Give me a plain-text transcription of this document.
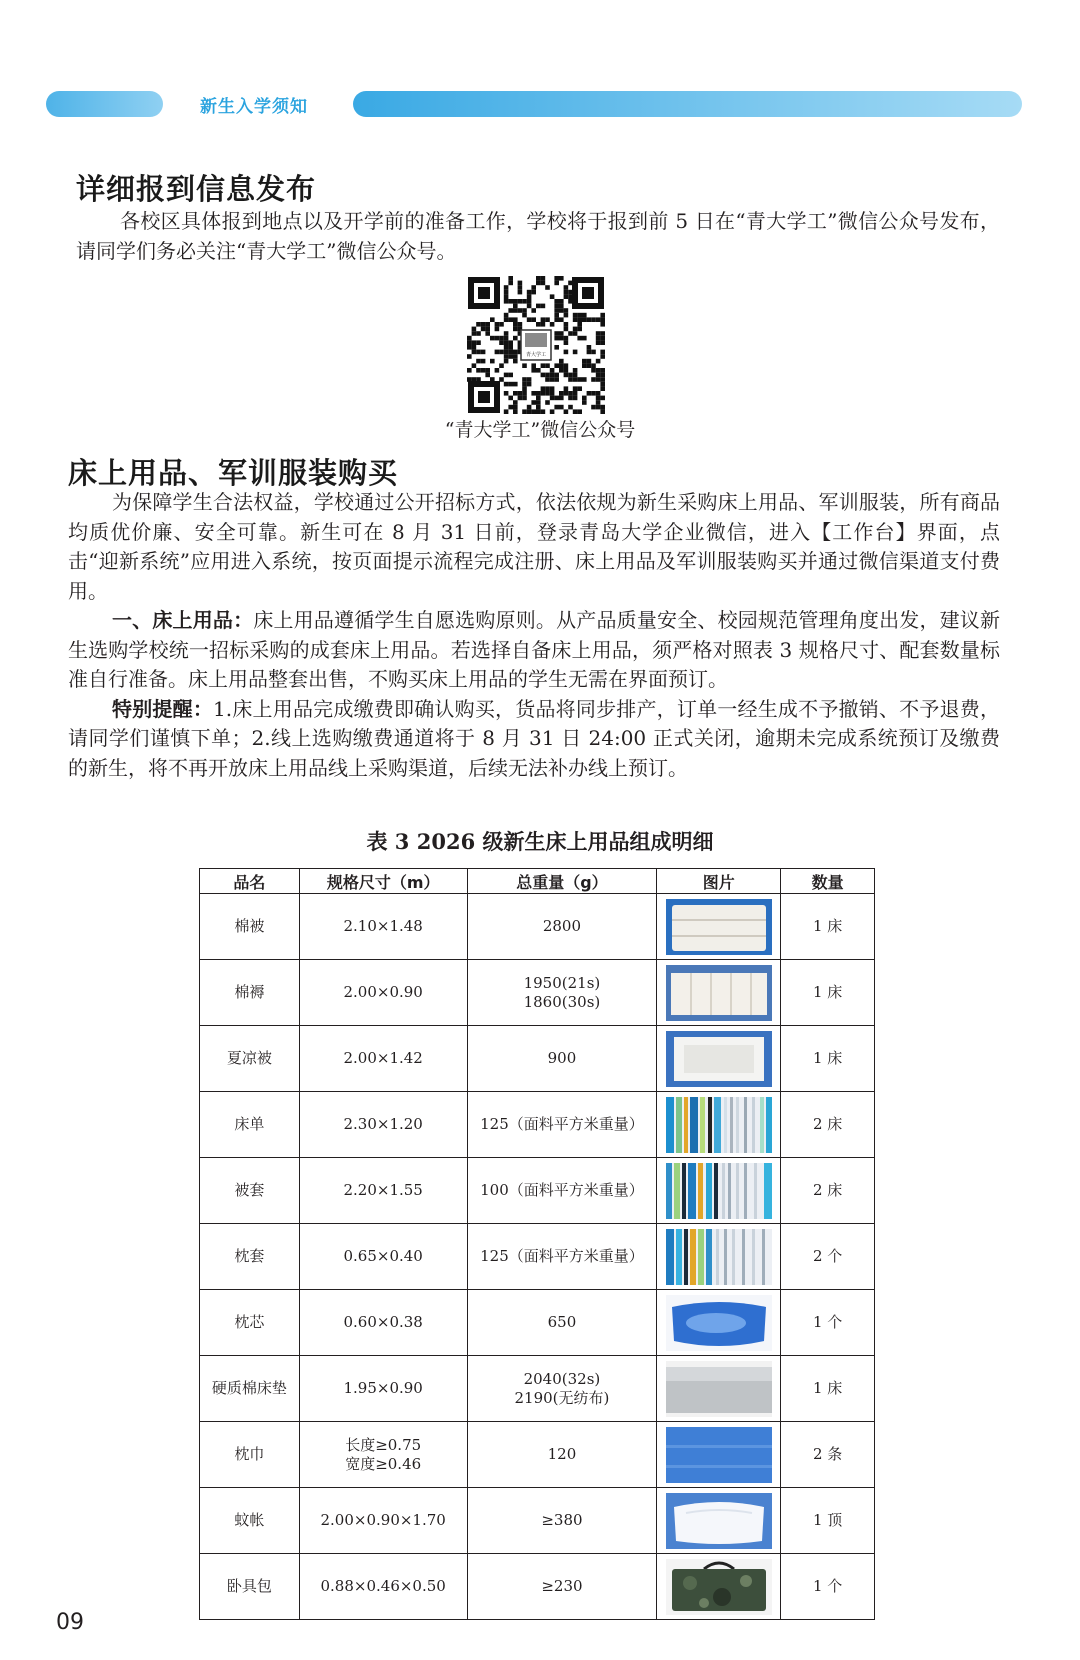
新生入学须知
详细报到信息发布

各校区具体报到地点以及开学前的准备工作，学校将于报到前 5 日在“青大学工”微信公众号发布，请同学们务必关注“青大学工”微信公众号。

青大学工
“青大学工”微信公众号
床上用品、军训服装购买

为保障学生合法权益，学校通过公开招标方式，依法依规为新生采购床上用品、军训服装，所有商品均质优价廉、安全可靠。新生可在 8 月 31 日前，登录青岛大学企业微信，进入【工作台】界面，点击“迎新系统”应用进入系统，按页面提示流程完成注册、床上用品及军训服装购买并通过微信渠道支付费用。

一、床上用品：床上用品遵循学生自愿选购原则。从产品质量安全、校园规范管理角度出发，建议新生选购学校统一招标采购的成套床上用品。若选择自备床上用品，须严格对照表 3 规格尺寸、配套数量标准自行准备。床上用品整套出售，不购买床上用品的学生无需在界面预订。

特别提醒：1.床上用品完成缴费即确认购买，货品将同步排产，订单一经生成不予撤销、不予退费，请同学们谨慎下单；2.线上选购缴费通道将于 8 月 31 日 24:00 正式关闭，逾期未完成系统预订及缴费的新生，将不再开放床上用品线上采购渠道，后续无法补办线上预订。

表 3 2026 级新生床上用品组成明细
品名	规格尺寸（m）	总重量（g）	图片	数量
棉被	2.10×1.48	2800		1 床
棉褥	2.00×0.90	1950(21s)
1860(30s)		1 床
夏凉被	2.00×1.42	900		1 床
床单	2.30×1.20	125（面料平方米重量）		2 床
被套	2.20×1.55	100（面料平方米重量）		2 床
枕套	0.65×0.40	125（面料平方米重量）		2 个
枕芯	0.60×0.38	650		1 个
硬质棉床垫	1.95×0.90	2040(32s)
2190(无纺布)		1 床
枕巾	长度≥0.75
宽度≥0.46	120		2 条
蚊帐	2.00×0.90×1.70	≥380		1 顶
卧具包	0.88×0.46×0.50	≥230		1 个
09
